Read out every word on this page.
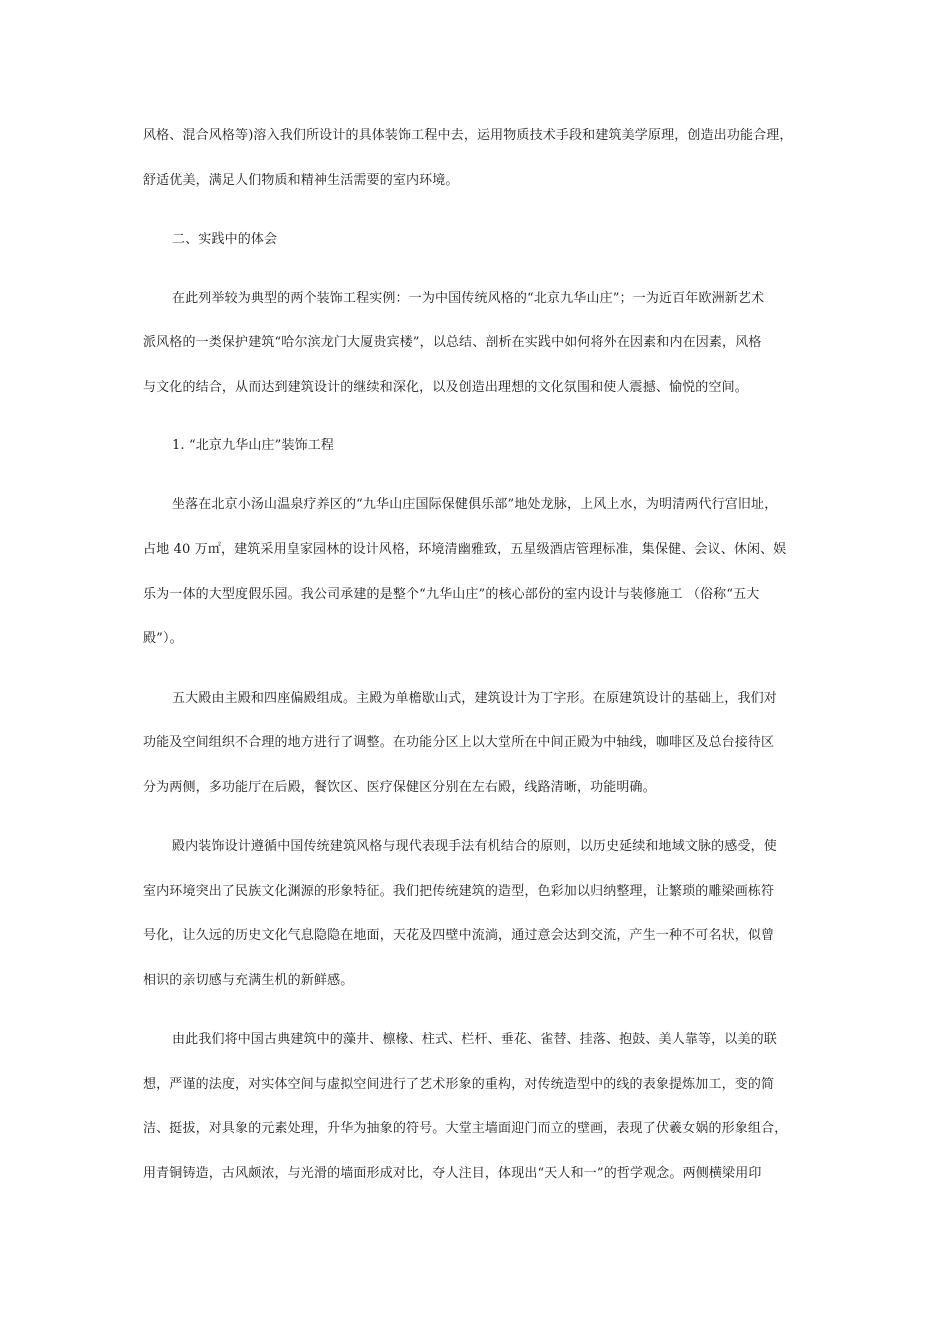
风格、混合风格等)溶入我们所设计的具体装饰工程中去，运用物质技术手段和建筑美学原理，创造出功能合理，
舒适优美，满足人们物质和精神生活需要的室内环境。
二、实践中的体会
在此列举较为典型的两个装饰工程实例：一为中国传统风格的“北京九华山庄”；一为近百年欧洲新艺术
派风格的一类保护建筑“哈尔滨龙门大厦贵宾楼”，以总结、剖析在实践中如何将外在因素和内在因素，风格
与文化的结合，从而达到建筑设计的继续和深化，以及创造出理想的文化氛围和使人震撼、愉悦的空间。
1. “北京九华山庄”装饰工程
坐落在北京小汤山温泉疗养区的“九华山庄国际保健俱乐部”地处龙脉，上风上水，为明清两代行宫旧址，
占地 40 万㎡，建筑采用皇家园林的设计风格，环境清幽雅致，五星级酒店管理标准，集保健、会议、休闲、娱
乐为一体的大型度假乐园。我公司承建的是整个“九华山庄”的核心部份的室内设计与装修施工 （俗称“五大
殿”）。
五大殿由主殿和四座偏殿组成。主殿为单檐歇山式，建筑设计为丁字形。在原建筑设计的基础上，我们对
功能及空间组织不合理的地方进行了调整。在功能分区上以大堂所在中间正殿为中轴线，咖啡区及总台接待区
分为两侧，多功能厅在后殿，餐饮区、医疗保健区分别在左右殿，线路清晰，功能明确。
殿内装饰设计遵循中国传统建筑风格与现代表现手法有机结合的原则，以历史延续和地域文脉的感受，使
室内环境突出了民族文化渊源的形象特征。我们把传统建筑的造型，色彩加以归纳整理，让繁琐的雕梁画栋符
号化，让久远的历史文化气息隐隐在地面，天花及四壁中流淌，通过意会达到交流，产生一种不可名状，似曾
相识的亲切感与充满生机的新鲜感。
由此我们将中国古典建筑中的藻井、檩椽、柱式、栏杆、垂花、雀替、挂落、抱鼓、美人靠等，以美的联
想，严谨的法度，对实体空间与虚拟空间进行了艺术形象的重构，对传统造型中的线的表象提炼加工，变的简
洁、挺拔，对具象的元素处理，升华为抽象的符号。大堂主墙面迎门而立的壁画，表现了伏羲女娲的形象组合，
用青铜铸造，古风颇浓，与光滑的墙面形成对比，夺人注目，体现出“天人和一”的哲学观念。两侧横梁用印
